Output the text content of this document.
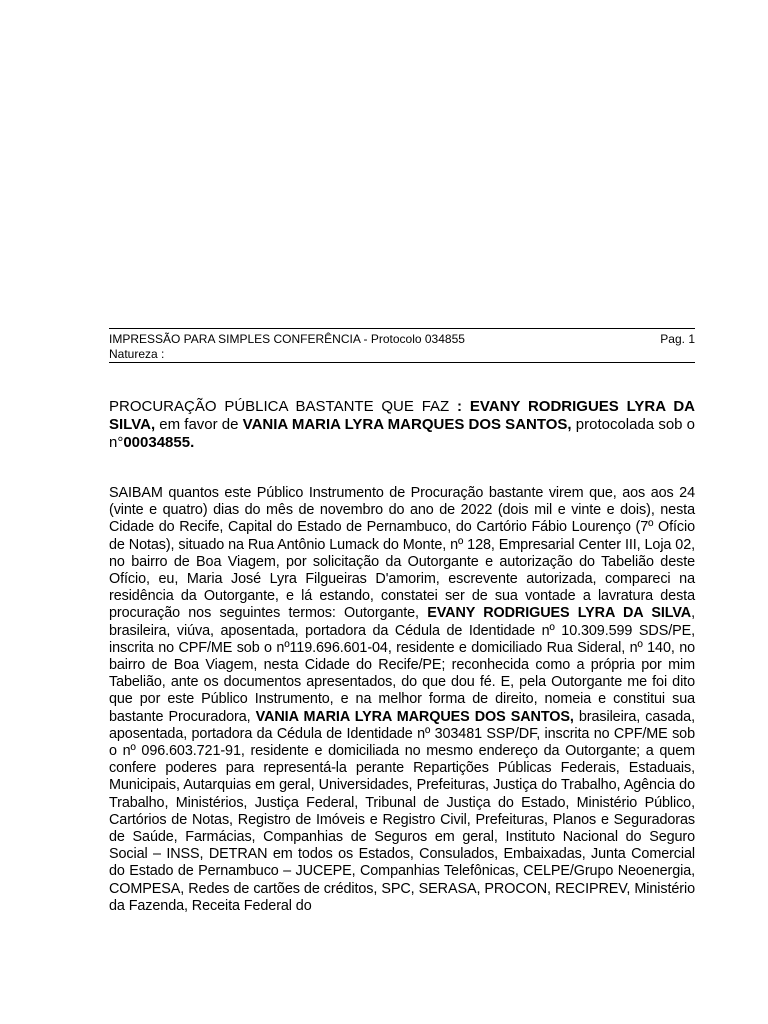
IMPRESSÃO PARA SIMPLES CONFERÊNCIA - Protocolo 034855	Pag. 1
Natureza :
PROCURAÇÃO PÚBLICA BASTANTE QUE FAZ : EVANY RODRIGUES LYRA DA SILVA, em favor de VANIA MARIA LYRA MARQUES DOS SANTOS, protocolada sob o n°00034855.
SAIBAM quantos este Público Instrumento de Procuração bastante virem que, aos aos 24 (vinte e quatro) dias do mês de novembro do ano de 2022 (dois mil e vinte e dois), nesta Cidade do Recife, Capital do Estado de Pernambuco, do Cartório Fábio Lourenço (7º Ofício de Notas), situado na Rua Antônio Lumack do Monte, nº 128, Empresarial Center III, Loja 02, no bairro de Boa Viagem, por solicitação da Outorgante e autorização do Tabelião deste Ofício, eu, Maria José Lyra Filgueiras D'amorim, escrevente autorizada, compareci na residência da Outorgante, e lá estando, constatei ser de sua vontade a lavratura desta procuração nos seguintes termos: Outorgante, EVANY RODRIGUES LYRA DA SILVA, brasileira, viúva, aposentada, portadora da Cédula de Identidade nº 10.309.599 SDS/PE, inscrita no CPF/ME sob o nº119.696.601-04, residente e domiciliado Rua Sideral, nº 140, no bairro de Boa Viagem, nesta Cidade do Recife/PE; reconhecida como a própria por mim Tabelião, ante os documentos apresentados, do que dou fé. E, pela Outorgante me foi dito que por este Público Instrumento, e na melhor forma de direito, nomeia e constitui sua bastante Procuradora, VANIA MARIA LYRA MARQUES DOS SANTOS, brasileira, casada, aposentada, portadora da Cédula de Identidade nº 303481 SSP/DF, inscrita no CPF/ME sob o nº 096.603.721-91, residente e domiciliada no mesmo endereço da Outorgante; a quem confere poderes para representá-la perante Repartições Públicas Federais, Estaduais, Municipais, Autarquias em geral, Universidades, Prefeituras, Justiça do Trabalho, Agência do Trabalho, Ministérios, Justiça Federal, Tribunal de Justiça do Estado, Ministério Público, Cartórios de Notas, Registro de Imóveis e Registro Civil, Prefeituras, Planos e Seguradoras de Saúde, Farmácias, Companhias de Seguros em geral, Instituto Nacional do Seguro Social – INSS, DETRAN em todos os Estados, Consulados, Embaixadas, Junta Comercial do Estado de Pernambuco – JUCEPE, Companhias Telefônicas, CELPE/Grupo Neoenergia, COMPESA, Redes de cartões de créditos, SPC, SERASA, PROCON, RECIPREV, Ministério da Fazenda, Receita Federal do
